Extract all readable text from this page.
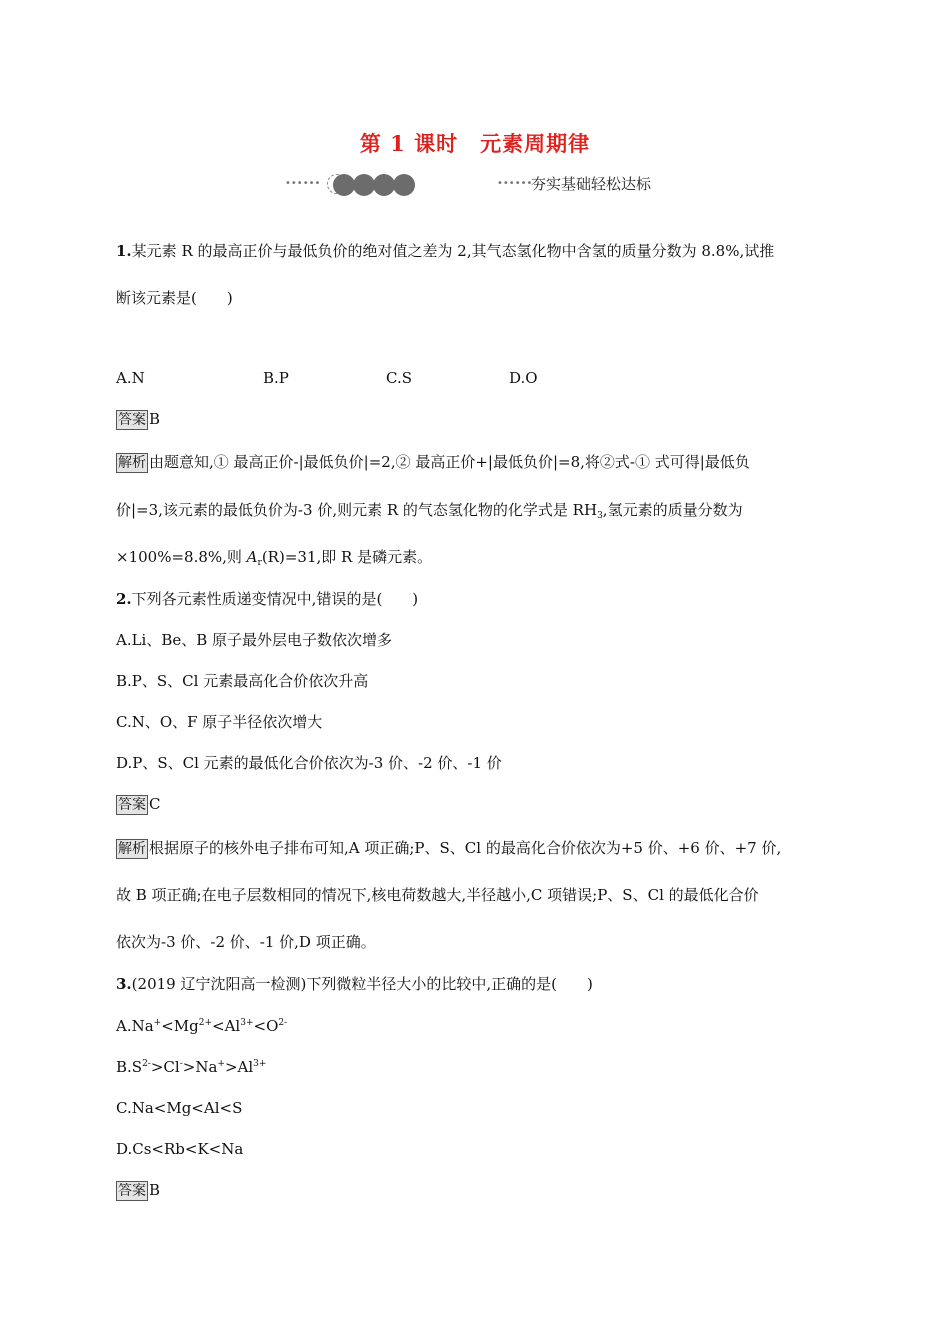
第 1 课时　元素周期律
••••••	••••••
夯实基础轻松达标
1.某元素 R 的最高正价与最低负价的绝对值之差为 2,其气态氢化物中含氢的质量分数为 8.8%,试推
断该元素是(　　)
A.N	B.P	C.S	D.O
答案 B
解析 由题意知,① 最高正价-|最低负价|=2,② 最高正价+|最低负价|=8,将②式-① 式可得|最低负
价|=3,该元素的最低负价为-3 价,则元素 R 的气态氢化物的化学式是 $RH_3$,氢元素的质量分数为
×100%=8.8%,则 $A_r(R)=31$,即 R 是磷元素。
2.下列各元素性质递变情况中,错误的是(　　)
A.Li、Be、B 原子最外层电子数依次增多
B.P、S、Cl 元素最高化合价依次升高
C.N、O、F 原子半径依次增大
D.P、S、Cl 元素的最低化合价依次为-3 价、-2 价、-1 价
答案 C
解析 根据原子的核外电子排布可知,A 项正确;P、S、Cl 的最高化合价依次为+5 价、+6 价、+7 价,
故 B 项正确;在电子层数相同的情况下,核电荷数越大,半径越小,C 项错误;P、S、Cl 的最低化合价
依次为-3 价、-2 价、-1 价,D 项正确。
3.(2019 辽宁沈阳高一检测)下列微粒半径大小的比较中,正确的是(　　)
$A.Na^+<Mg^{2+}<Al^{3+}<O^{2-}$
$B.S^{2-}>Cl^->Na^+>Al^{3+}$
C.Na<Mg<Al<S
D.Cs<Rb<K<Na
答案 B
